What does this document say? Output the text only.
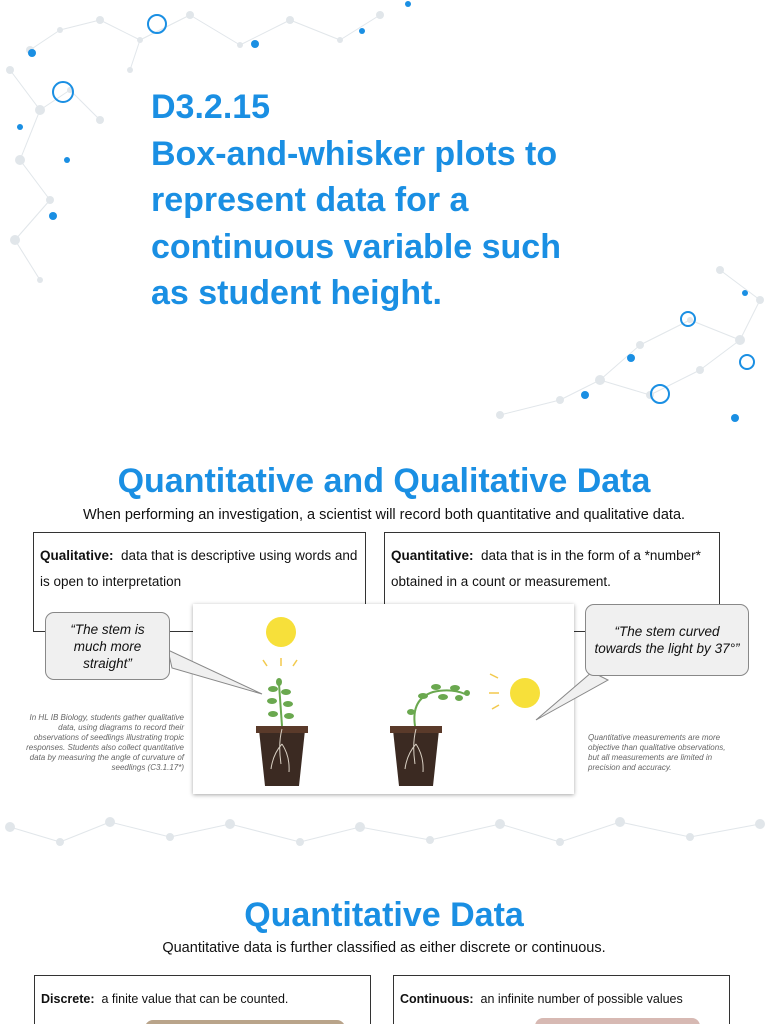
D3.2.15
Box-and-whisker plots to
represent data for a
continuous variable such
as student height.
Quantitative and Qualitative Data
When performing an investigation, a scientist will record both quantitative and qualitative data.
Qualitative: data that is descriptive using words and is open to interpretation
Quantitative: data that is in the form of a *number* obtained in a count or measurement.
“The stem is much more straight”
“The stem curved towards the light by 37°”
In HL IB Biology, students gather qualitative data, using diagrams to record their observations of seedlings illustrating tropic responses. Students also collect quantitative data by measuring the angle of curvature of seedlings (C3.1.17*)
Quantitative measurements are more objective than qualitative observations, but all measurements are limited in precision and accuracy.
Quantitative Data
Quantitative data is further classified as either discrete or continuous.
Discrete: a finite value that can be counted.	Continuous: an infinite number of possible values
